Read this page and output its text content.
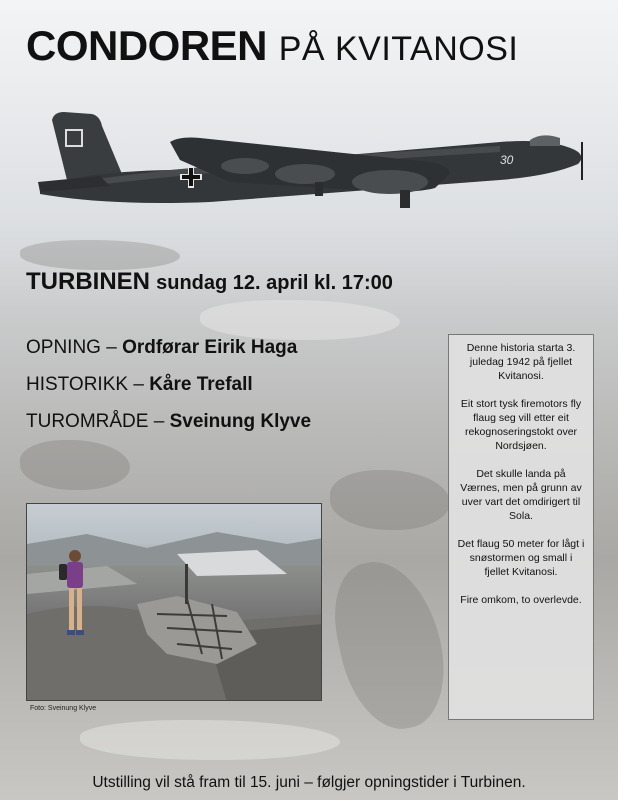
CONDOREN PÅ KVITANOSI
30
TURBINEN sundag 12. april kl. 17:00
OPNING – Ordførar Eirik Haga
HISTORIKK – Kåre Trefall
TUROMRÅDE – Sveinung Klyve

Denne historia starta 3. juledag 1942 på fjellet Kvitanosi.

Eit stort tysk firemotors fly flaug seg vill etter eit rekognoseringstokt over Nordsjøen.

Det skulle landa på Værnes, men på grunn av uver vart det omdirigert til Sola.

Det flaug 50 meter for lågt i snøstormen og small i fjellet Kvitanosi.

Fire omkom, to overlevde.

Foto: Sveinung Klyve
Utstilling vil stå fram til 15. juni – følgjer opningstider i Turbinen.
